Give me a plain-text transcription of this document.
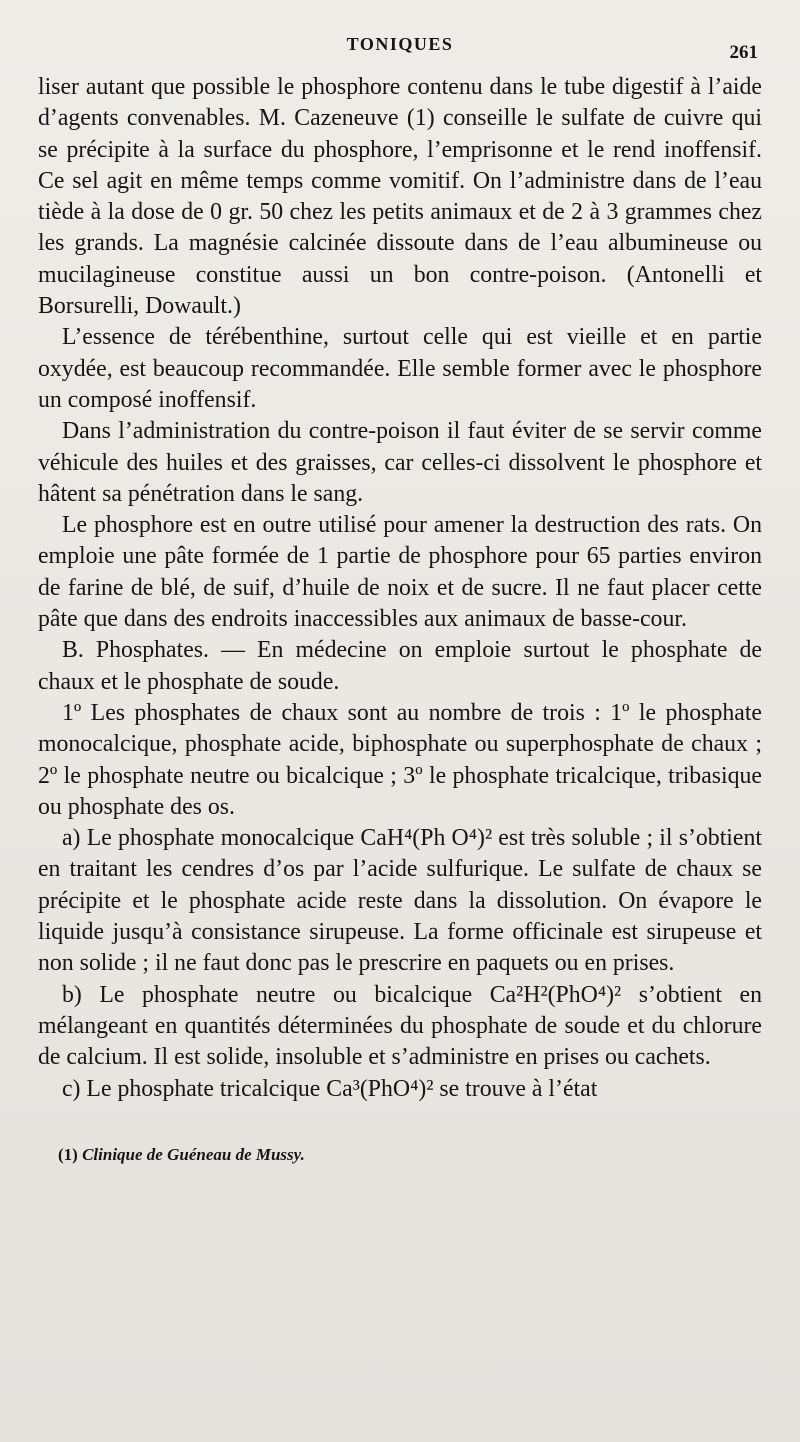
TONIQUES	261

liser autant que possible le phosphore contenu dans le tube digestif à l’aide d’agents convenables. M. Cazeneuve (1) conseille le sulfate de cuivre qui se précipite à la surface du phosphore, l’emprisonne et le rend inoffensif. Ce sel agit en même temps comme vomitif. On l’administre dans de l’eau tiède à la dose de 0 gr. 50 chez les petits animaux et de 2 à 3 grammes chez les grands. La magnésie calcinée dissoute dans de l’eau albumineuse ou mucilagineuse constitue aussi un bon contre-poison. (Antonelli et Borsurelli, Dowault.)

L’essence de térébenthine, surtout celle qui est vieille et en partie oxydée, est beaucoup recommandée. Elle semble former avec le phosphore un composé inoffensif.

Dans l’administration du contre-poison il faut éviter de se servir comme véhicule des huiles et des graisses, car celles-ci dissolvent le phosphore et hâtent sa pénétration dans le sang.

Le phosphore est en outre utilisé pour amener la destruction des rats. On emploie une pâte formée de 1 partie de phosphore pour 65 parties environ de farine de blé, de suif, d’huile de noix et de sucre. Il ne faut placer cette pâte que dans des endroits inaccessibles aux animaux de basse-cour.

B. Phosphates. — En médecine on emploie surtout le phosphate de chaux et le phosphate de soude.

1º Les phosphates de chaux sont au nombre de trois : 1º le phosphate monocalcique, phosphate acide, biphosphate ou superphosphate de chaux ; 2º le phosphate neutre ou bicalcique ; 3º le phosphate tricalcique, tribasique ou phosphate des os.

a) Le phosphate monocalcique CaH⁴(Ph O⁴)² est très soluble ; il s’obtient en traitant les cendres d’os par l’acide sulfurique. Le sulfate de chaux se précipite et le phosphate acide reste dans la dissolution. On évapore le liquide jusqu’à consistance sirupeuse. La forme officinale est sirupeuse et non solide ; il ne faut donc pas le prescrire en paquets ou en prises.

b) Le phosphate neutre ou bicalcique Ca²H²(PhO⁴)² s’obtient en mélangeant en quantités déterminées du phosphate de soude et du chlorure de calcium. Il est solide, insoluble et s’administre en prises ou cachets.

c) Le phosphate tricalcique Ca³(PhO⁴)² se trouve à l’état

(1) Clinique de Guéneau de Mussy.
